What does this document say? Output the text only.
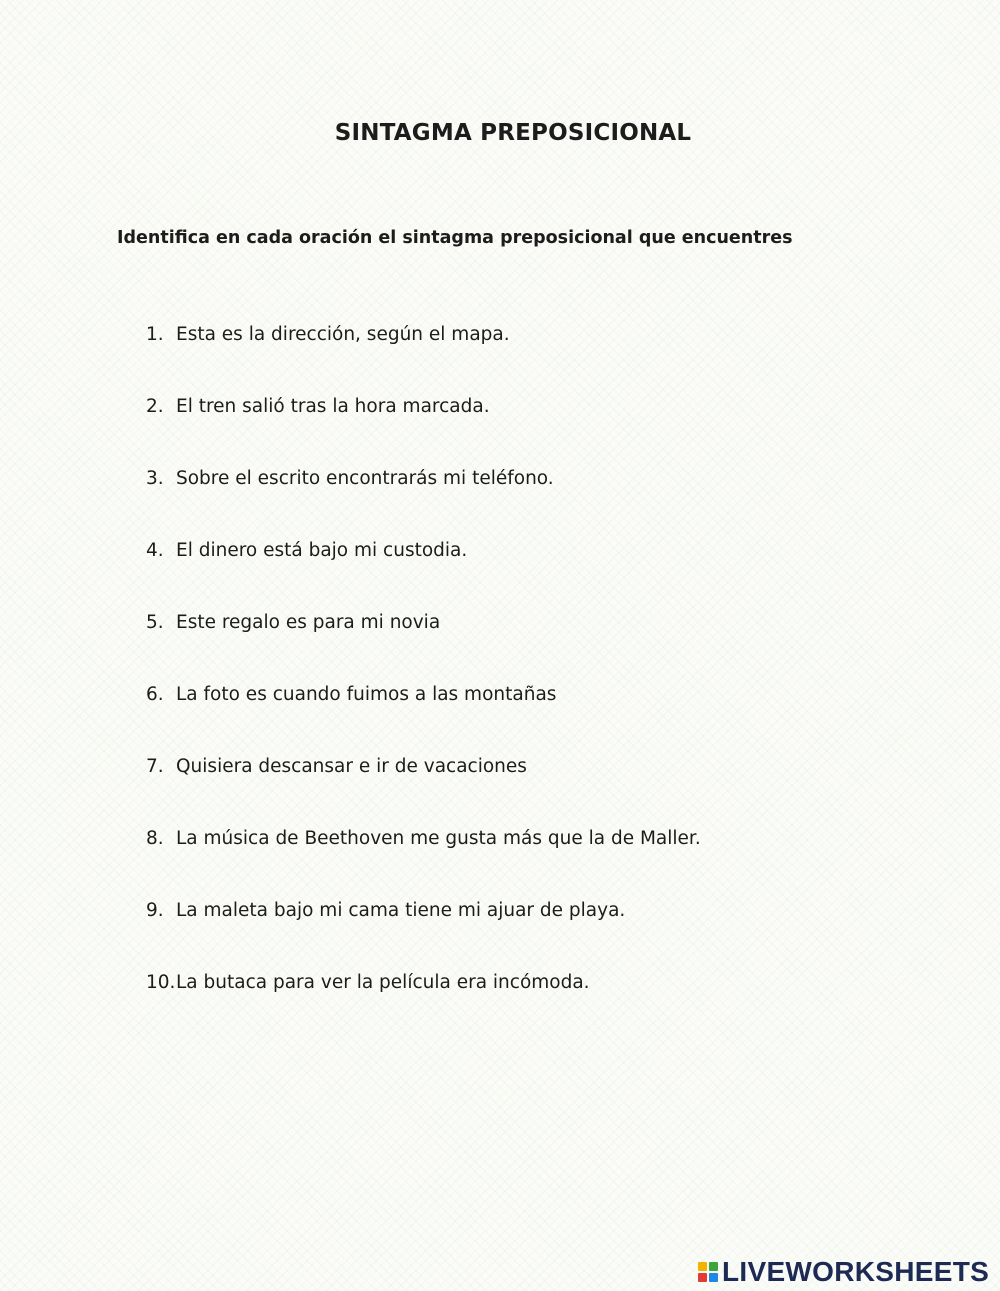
SINTAGMA PREPOSICIONAL

Identifica en cada oración el sintagma preposicional que encuentres

1. Esta es la dirección, según el mapa.
2. El tren salió tras la hora marcada.
3. Sobre el escrito encontrarás mi teléfono.
4. El dinero está bajo mi custodia.
5. Este regalo es para mi novia
6. La foto es cuando fuimos a las montañas
7. Quisiera descansar e ir de vacaciones
8. La música de Beethoven me gusta más que la de Maller.
9. La maleta bajo mi cama tiene mi ajuar de playa.
10. La butaca para ver la película era incómoda.
LIVEWORKSHEETS
